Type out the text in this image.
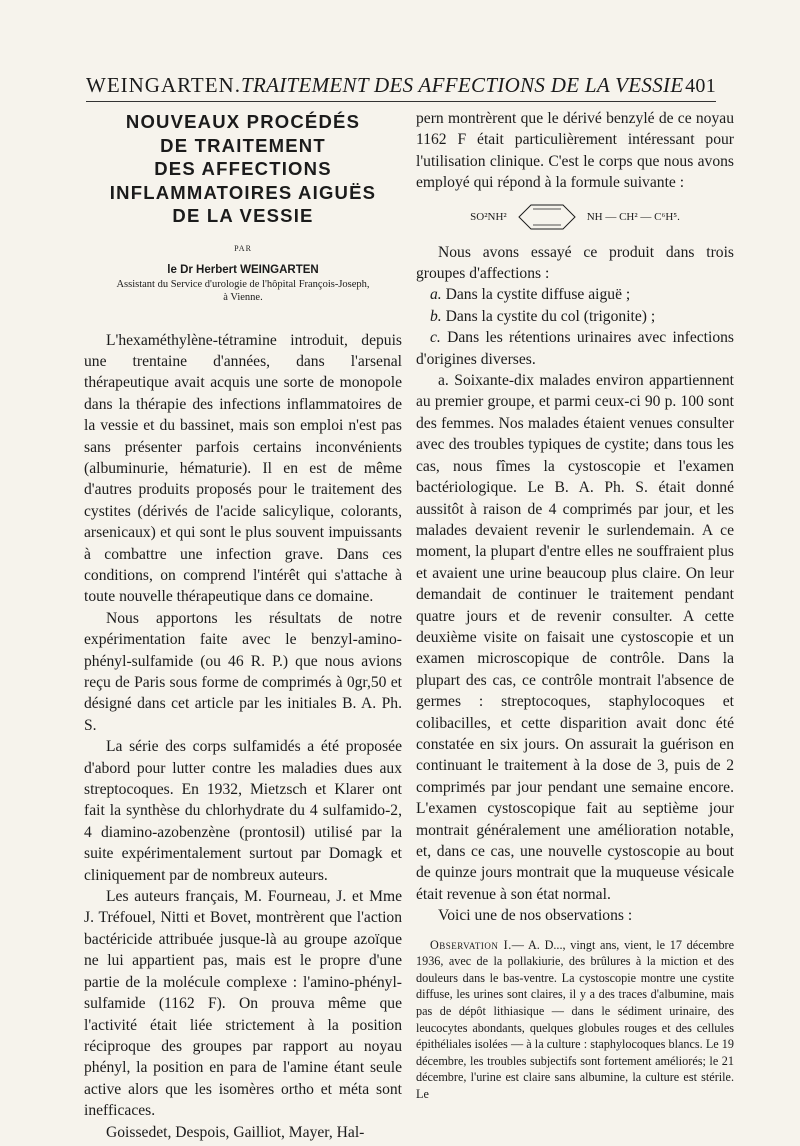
WEINGARTEN. TRAITEMENT DES AFFECTIONS DE LA VESSIE 401
NOUVEAUX PROCÉDÉS
DE TRAITEMENT
DES AFFECTIONS
INFLAMMATOIRES AIGUËS
DE LA VESSIE
PAR
le Dr Herbert WEINGARTEN
Assistant du Service d'urologie de l'hôpital François-Joseph,
à Vienne.

L'hexaméthylène-tétramine introduit, depuis une trentaine d'années, dans l'arsenal thérapeutique avait acquis une sorte de monopole dans la thérapie des infections inflammatoires de la vessie et du bassinet, mais son emploi n'est pas sans présenter parfois certains inconvénients (albuminurie, hématurie). Il en est de même d'autres produits proposés pour le traitement des cystites (dérivés de l'acide salicylique, colorants, arsenicaux) et qui sont le plus souvent impuissants à combattre une infection grave. Dans ces conditions, on comprend l'intérêt qui s'attache à toute nouvelle thérapeutique dans ce domaine.

Nous apportons les résultats de notre expérimentation faite avec le benzyl-amino-phényl-sulfamide (ou 46 R. P.) que nous avions reçu de Paris sous forme de comprimés à 0gr,50 et désigné dans cet article par les initiales B. A. Ph. S.

La série des corps sulfamidés a été proposée d'abord pour lutter contre les maladies dues aux streptocoques. En 1932, Mietzsch et Klarer ont fait la synthèse du chlorhydrate du 4 sulfamido-2, 4 diamino-azobenzène (prontosil) utilisé par la suite expérimentalement surtout par Domagk et cliniquement par de nombreux auteurs.

Les auteurs français, M. Fourneau, J. et Mme J. Tréfouel, Nitti et Bovet, montrèrent que l'action bactéricide attribuée jusque-là au groupe azoïque ne lui appartient pas, mais est le propre d'une partie de la molécule complexe : l'amino-phényl-sulfamide (1162 F). On prouva même que l'activité était liée strictement à la position réciproque des groupes par rapport au noyau phényl, la position en para de l'amine étant seule active alors que les isomères ortho et méta sont inefficaces.

Goissedet, Despois, Gailliot, Mayer, Hal-

pern montrèrent que le dérivé benzylé de ce noyau 1162 F était particulièrement intéressant pour l'utilisation clinique. C'est le corps que nous avons employé qui répond à la formule suivante :

SO²NH²	NH — CH² — C⁶H⁵.

Nous avons essayé ce produit dans trois groupes d'affections :

a. Dans la cystite diffuse aiguë ;

b. Dans la cystite du col (trigonite) ;

c. Dans les rétentions urinaires avec infections d'origines diverses.

a. Soixante-dix malades environ appartiennent au premier groupe, et parmi ceux-ci 90 p. 100 sont des femmes. Nos malades étaient venues consulter avec des troubles typiques de cystite; dans tous les cas, nous fîmes la cystoscopie et l'examen bactériologique. Le B. A. Ph. S. était donné aussitôt à raison de 4 comprimés par jour, et les malades devaient revenir le surlendemain. A ce moment, la plupart d'entre elles ne souffraient plus et avaient une urine beaucoup plus claire. On leur demandait de continuer le traitement pendant quatre jours et de revenir consulter. A cette deuxième visite on faisait une cystoscopie et un examen microscopique de contrôle. Dans la plupart des cas, ce contrôle montrait l'absence de germes : streptocoques, staphylocoques et colibacilles, et cette disparition avait donc été constatée en six jours. On assurait la guérison en continuant le traitement à la dose de 3, puis de 2 comprimés par jour pendant une semaine encore. L'examen cystoscopique fait au septième jour montrait généralement une amélioration notable, et, dans ce cas, une nouvelle cystoscopie au bout de quinze jours montrait que la muqueuse vésicale était revenue à son état normal.

Voici une de nos observations :

Observation I.— A. D..., vingt ans, vient, le 17 décembre 1936, avec de la pollakiurie, des brûlures à la miction et des douleurs dans le bas-ventre. La cystoscopie montre une cystite diffuse, les urines sont claires, il y a des traces d'albumine, mais pas de dépôt lithiasique — dans le sédiment urinaire, des leucocytes abondants, quelques globules rouges et des cellules épithéliales isolées — à la culture : staphylocoques blancs. Le 19 décembre, les troubles subjectifs sont fortement améliorés; le 21 décembre, l'urine est claire sans albumine, la culture est stérile. Le
